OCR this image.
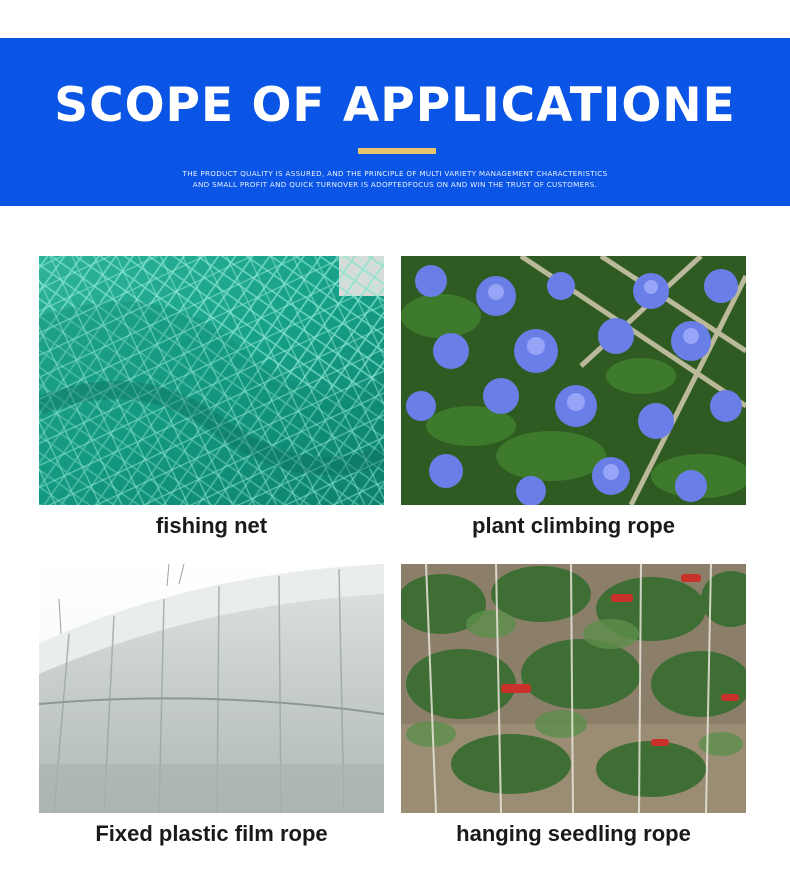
SCOPE OF APPLICATIONE
THE PRODUCT QUALITY IS ASSURED, AND THE PRINCIPLE OF MULTI VARIETY MANAGEMENT CHARACTERISTICS
AND SMALL PROFIT AND QUICK TURNOVER IS ADOPTEDFOCUS ON AND WIN THE TRUST OF CUSTOMERS.
fishing net	plant climbing rope
Fixed plastic film rope	hanging seedling rope
